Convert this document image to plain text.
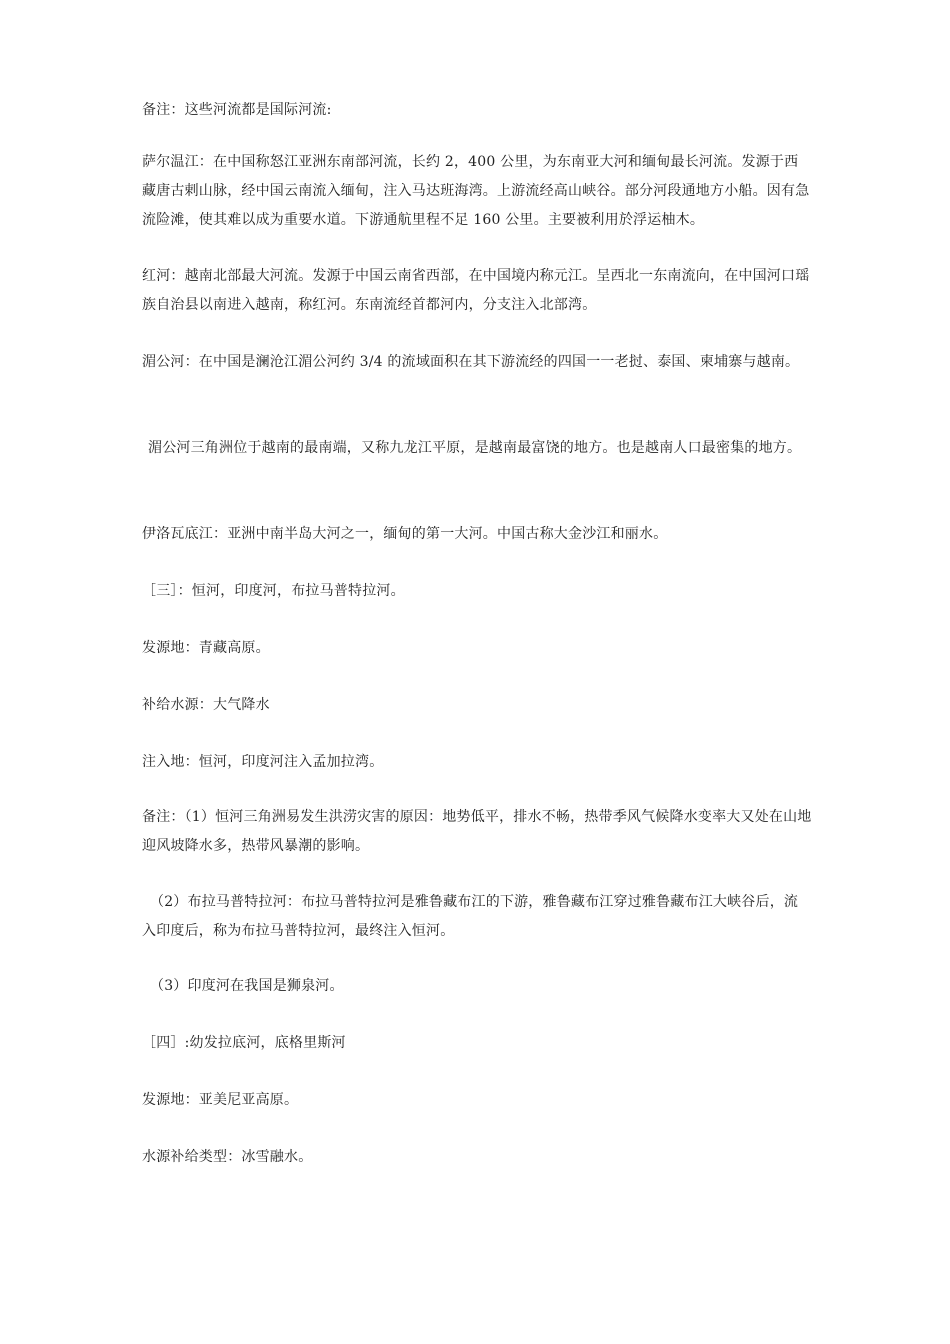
备注：这些河流都是国际河流:

萨尔温江：在中国称怒江亚洲东南部河流，长约 2，400 公里，为东南亚大河和缅甸最长河流。发源于西藏唐古剌山脉，经中国云南流入缅甸，注入马达班海湾。上游流经高山峡谷。部分河段通地方小船。因有急流险滩，使其难以成为重要水道。下游通航里程不足 160 公里。主要被利用於浮运柚木。

红河：越南北部最大河流。发源于中国云南省西部，在中国境内称元江。呈西北一东南流向，在中国河口瑶族自治县以南进入越南，称红河。东南流经首都河内，分支注入北部湾。

湄公河：在中国是澜沧江湄公河约 3/4 的流域面积在其下游流经的四国一一老挝、泰国、柬埔寨与越南。

湄公河三角洲位于越南的最南端，又称九龙江平原，是越南最富饶的地方。也是越南人口最密集的地方。

伊洛瓦底江：亚洲中南半岛大河之一，缅甸的第一大河。中国古称大金沙江和丽水。

［三］：恒河，印度河，布拉马普特拉河。

发源地：青藏高原。

补给水源：大气降水

注入地：恒河，印度河注入孟加拉湾。

备注：（1）恒河三角洲易发生洪涝灾害的原因：地势低平，排水不畅，热带季风气候降水变率大又处在山地迎风坡降水多，热带风暴潮的影响。

（2）布拉马普特拉河：布拉马普特拉河是雅鲁藏布江的下游，雅鲁藏布江穿过雅鲁藏布江大峡谷后，流入印度后，称为布拉马普特拉河，最终注入恒河。

（3）印度河在我国是狮泉河。

［四］:幼发拉底河，底格里斯河

发源地：亚美尼亚高原。

水源补给类型：冰雪融水。
